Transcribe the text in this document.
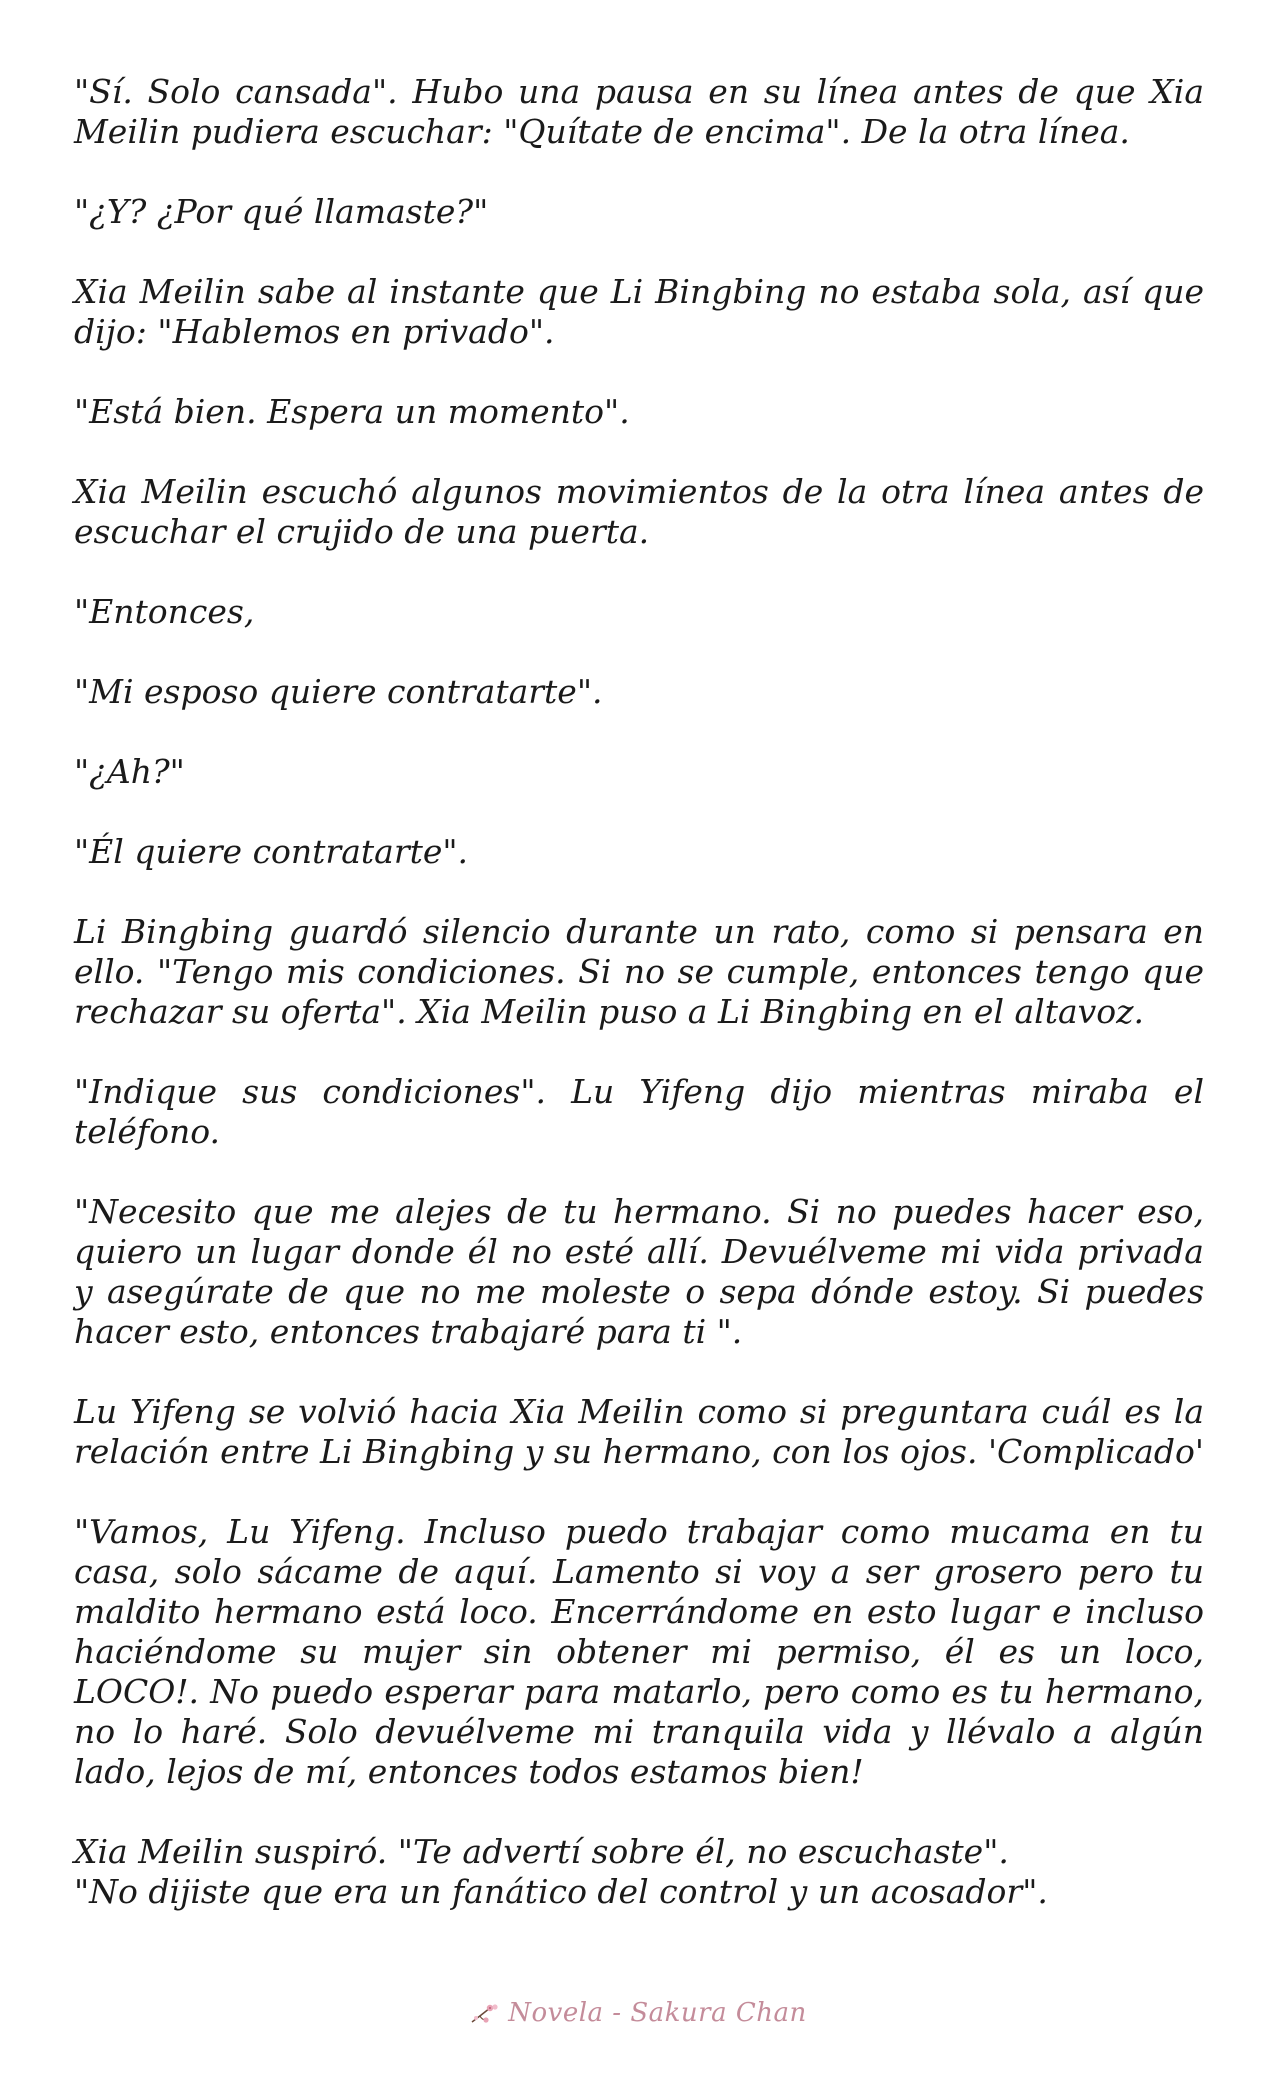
"Sí. Solo cansada". Hubo una pausa en su línea antes de que Xia Meilin pudiera escuchar: "Quítate de encima". De la otra línea.

"¿Y? ¿Por qué llamaste?"

Xia Meilin sabe al instante que Li Bingbing no estaba sola, así que dijo: "Hablemos en privado".

"Está bien. Espera un momento".

Xia Meilin escuchó algunos movimientos de la otra línea antes de escuchar el crujido de una puerta.

"Entonces,

"Mi esposo quiere contratarte".

"¿Ah?"

"Él quiere contratarte".

Li Bingbing guardó silencio durante un rato, como si pensara en ello. "Tengo mis condiciones. Si no se cumple, entonces tengo que rechazar su oferta". Xia Meilin puso a Li Bingbing en el altavoz.

"Indique sus condiciones". Lu Yifeng dijo mientras miraba el teléfono.

"Necesito que me alejes de tu hermano. Si no puedes hacer eso, quiero un lugar donde él no esté allí. Devuélveme mi vida privada y asegúrate de que no me moleste o sepa dónde estoy. Si puedes hacer esto, entonces trabajaré para ti ".

Lu Yifeng se volvió hacia Xia Meilin como si preguntara cuál es la relación entre Li Bingbing y su hermano, con los ojos. 'Complicado'

"Vamos, Lu Yifeng. Incluso puedo trabajar como mucama en tu casa, solo sácame de aquí. Lamento si voy a ser grosero pero tu maldito hermano está loco. Encerrándome en esto lugar e incluso haciéndome su mujer sin obtener mi permiso, él es un loco, LOCO!. No puedo esperar para matarlo, pero como es tu hermano, no lo haré. Solo devuélveme mi tranquila vida y llévalo a algún lado, lejos de mí, entonces todos estamos bien!

Xia Meilin suspiró. "Te advertí sobre él, no escuchaste".

"No dijiste que era un fanático del control y un acosador".

Novela - Sakura Chan
